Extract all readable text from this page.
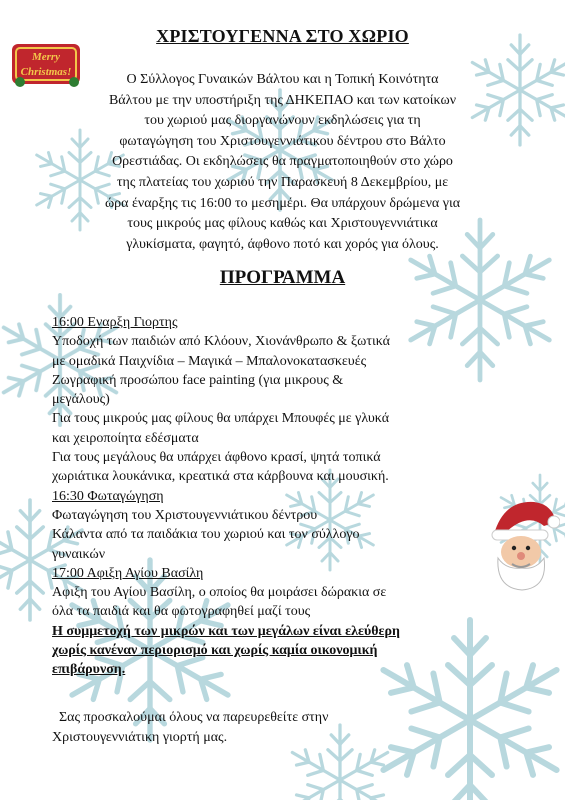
Merry
Christmas!
ΧΡΙΣΤΟΥΓΕΝΝΑ ΣΤΟ ΧΩΡΙΟ
Ο Σύλλογος Γυναικών Βάλτου και η Τοπική Κοινότητα
Βάλτου με την υποστήριξη της ΔΗΚΕΠΑΟ και των κατοίκων
του χωριού μας διοργανώνουν εκδηλώσεις για τη
φωταγώγηση του Χριστουγεννιάτικου δέντρου στο Βάλτο
Ορεστιάδας. Οι εκδηλώσεις θα πραγματοποιηθούν στο χώρο
της πλατείας του χωριού την Παρασκευή 8 Δεκεμβρίου, με
ώρα έναρξης τις 16:00 το μεσημέρι. Θα υπάρχουν δρώμενα για
τους μικρούς μας φίλους καθώς και Χριστουγεννιάτικα
γλυκίσματα, φαγητό, άφθονο ποτό και χορός για όλους.
ΠΡΟΓΡΑΜΜΑ
16:00 Εναρξη Γιορτης
Υποδοχή των παιδιών από Κλόουν, Χιονάνθρωπο & ξωτικά
με ομαδικά Παιχνίδια – Μαγικά – Μπαλονοκατασκευές
Ζωγραφική προσώπου face painting (για μικρους &
μεγάλους)
Για τους μικρούς μας φίλους θα υπάρχει Μπουφές με γλυκά
και χειροποίητα εδέσματα
Για τους μεγάλους θα υπάρχει άφθονο κρασί, ψητά τοπικά
χωριάτικα λουκάνικα, κρεατικά στα κάρβουνα και μουσική.
16:30 Φωταγώγηση
Φωταγώγηση του Χριστουγεννιάτικου δέντρου
Κάλαντα από τα παιδάκια του χωριού και τον σύλλογο
γυναικών
17:00 Αφιξη Αγίου Βασίλη
Αφιξη του Αγίου Βασίλη, ο οποίος θα μοιράσει δώρακια σε
όλα τα παιδιά και θα φωτογραφηθεί μαζί τους
Η συμμετοχή των μικρών και των μεγάλων είναι ελεύθερη
χωρίς κανέναν περιορισμό και χωρίς καμία οικονομική
επιβάρυνση.
Σας προσκαλούμαι όλους να παρευρεθείτε στην
Χριστουγεννιάτικη γιορτή μας.
